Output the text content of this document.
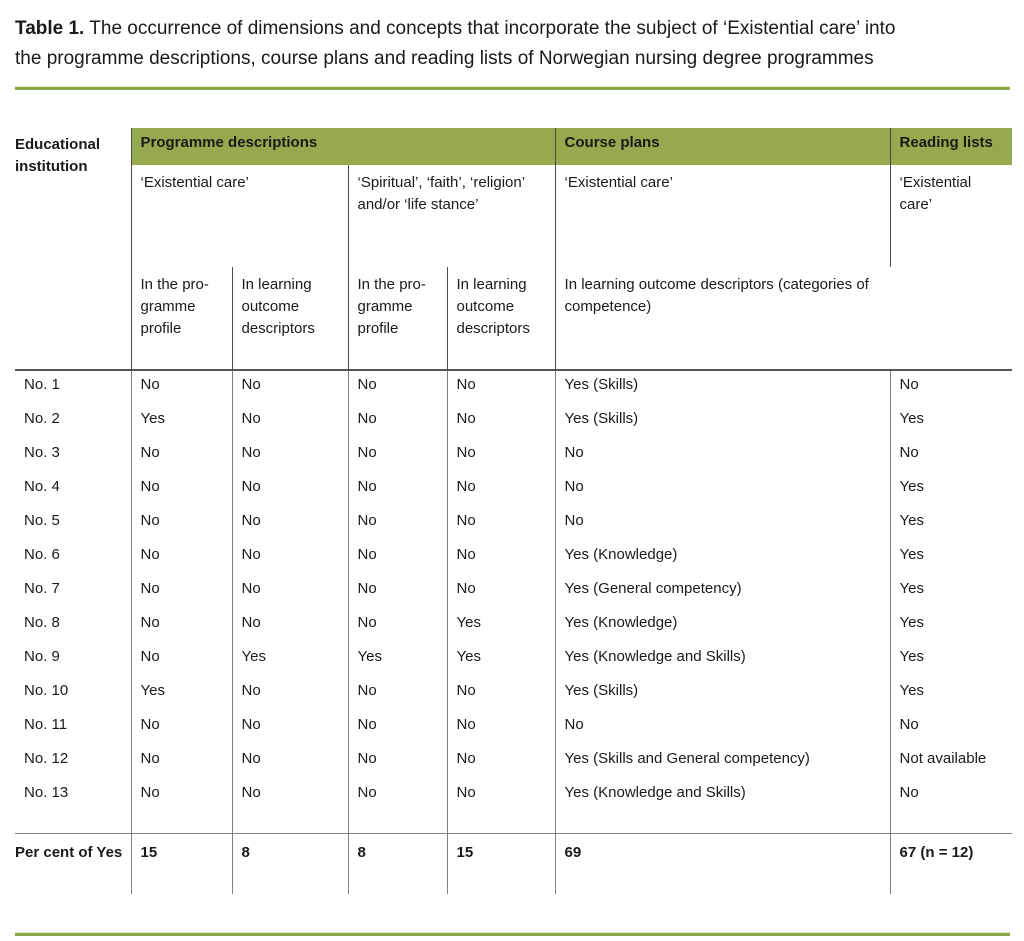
Table 1. The occurrence of dimensions and concepts that incorporate the subject of ‘Existential care’ into the programme descriptions, course plans and reading lists of Norwegian nursing degree programmes
Educational institution	Programme descriptions				Course plans	Reading lists
	‘Existential care’		‘Spiritual’, ‘faith’, ‘religion’ and/or ‘life stance’		‘Existential care’	‘Existential care’
	In the pro-gramme profile	In learning outcome descriptors	In the pro-gramme profile	In learning outcome descriptors	In learning outcome descriptors (categories of competence)	
No. 1	No	No	No	No	Yes (Skills)	No
No. 2	Yes	No	No	No	Yes (Skills)	Yes
No. 3	No	No	No	No	No	No
No. 4	No	No	No	No	No	Yes
No. 5	No	No	No	No	No	Yes
No. 6	No	No	No	No	Yes (Knowledge)	Yes
No. 7	No	No	No	No	Yes (General competency)	Yes
No. 8	No	No	No	Yes	Yes (Knowledge)	Yes
No. 9	No	Yes	Yes	Yes	Yes (Knowledge and Skills)	Yes
No. 10	Yes	No	No	No	Yes (Skills)	Yes
No. 11	No	No	No	No	No	No
No. 12	No	No	No	No	Yes (Skills and General competency)	Not available
No. 13	No	No	No	No	Yes (Knowledge and Skills)	No

Per cent of Yes	15	8	8	15	69	67 (n = 12)
